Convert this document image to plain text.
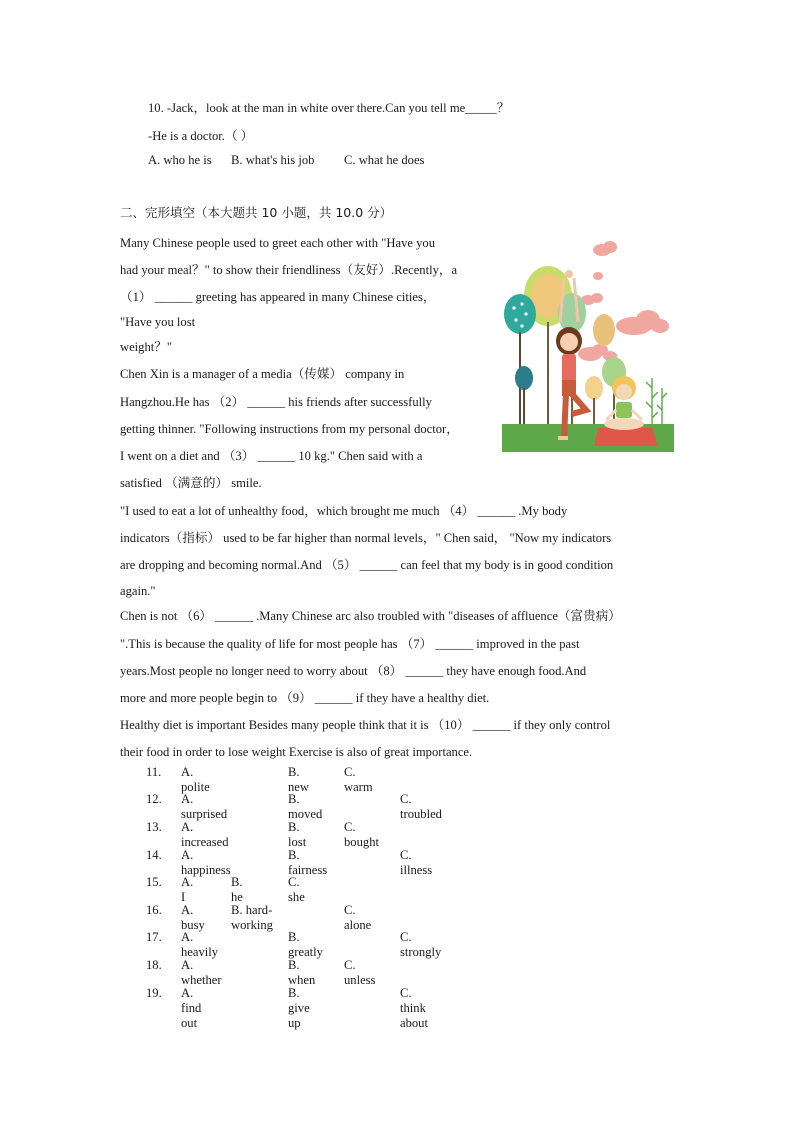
10. -Jack，look at the man in white over there.Can you tell me_____？
-He is a doctor.（ ）
A. who he is B. what's his job C. what he does
二、完形填空（本大题共 10 小题，共 10.0 分）
Many Chinese people used to greet each other with "Have you
had your meal？" to show their friendliness（友好）.Recently，a
（1） ______ greeting has appeared in many Chinese cities，
"Have you lost
weight？"
Chen Xin is a manager of a media（传媒） company in
Hangzhou.He has （2） ______ his friends after successfully
getting thinner. "Following instructions from my personal doctor，
I went on a diet and （3） ______ 10 kg." Chen said with a
satisfied （满意的） smile.
"I used to eat a lot of unhealthy food，which brought me much （4） ______ .My body
indicators（指标） used to be far higher than normal levels，" Chen said， "Now my indicators
are dropping and becoming normal.And （5） ______ can feel that my body is in good condition
again."
Chen is not （6） ______ .Many Chinese arc also troubled with "diseases of affluence（富贵病）
".This is because the quality of life for most people has （7） ______ improved in the past
years.Most people no longer need to worry about （8） ______ they have enough food.And
more and more people begin to （9） ______ if they have a healthy diet.
Healthy diet is important Besides many people think that it is （10） ______ if they only control
their food in order to lose weight Exercise is also of great importance.
11. A. polite
B. new
C. warm
12. A. surprised
B. moved
C. troubled
13. A. increased
B. lost
C. bought
14. A. happiness
B. fairness
C. illness
15. A. I
B. he
C. she
16. A. busy
B. hard-working
C. alone
17. A. heavily
B. greatly
C. strongly
18. A. whether
B. when
C. unless
19. A. find out
B. give up
C. think about
